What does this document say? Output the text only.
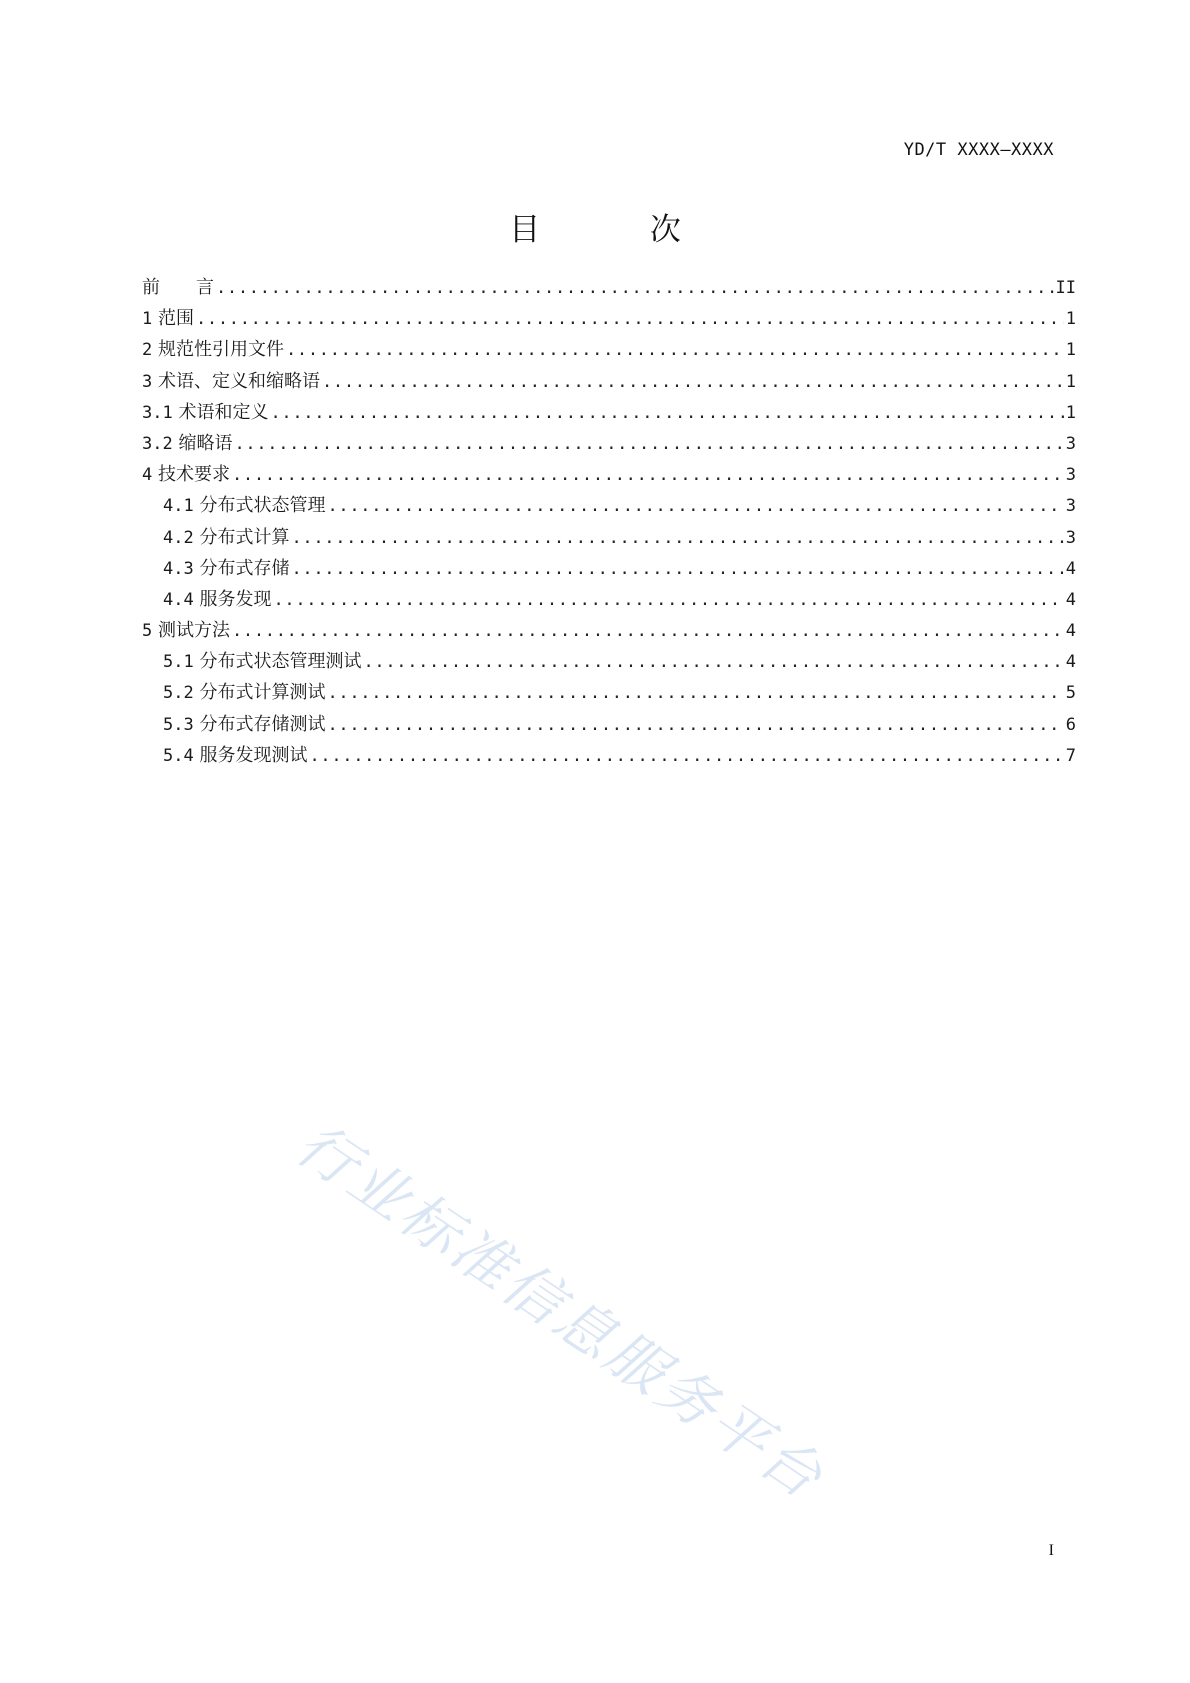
YD/T XXXX—XXXX
目 次
前　　言 .....	II
1 范围 .....	1
2 规范性引用文件 .....	1
3 术语、定义和缩略语 .....	1
3.1 术语和定义 .....	1
3.2 缩略语 .....	3
4 技术要求 .....	3
4.1 分布式状态管理 .....	3
4.2 分布式计算 .....	3
4.3 分布式存储 .....	4
4.4 服务发现 .....	4
5 测试方法 .....	4
5.1 分布式状态管理测试 .....	4
5.2 分布式计算测试 .....	5
5.3 分布式存储测试 .....	6
5.4 服务发现测试 .....	7
行业标准信息服务平台
I
